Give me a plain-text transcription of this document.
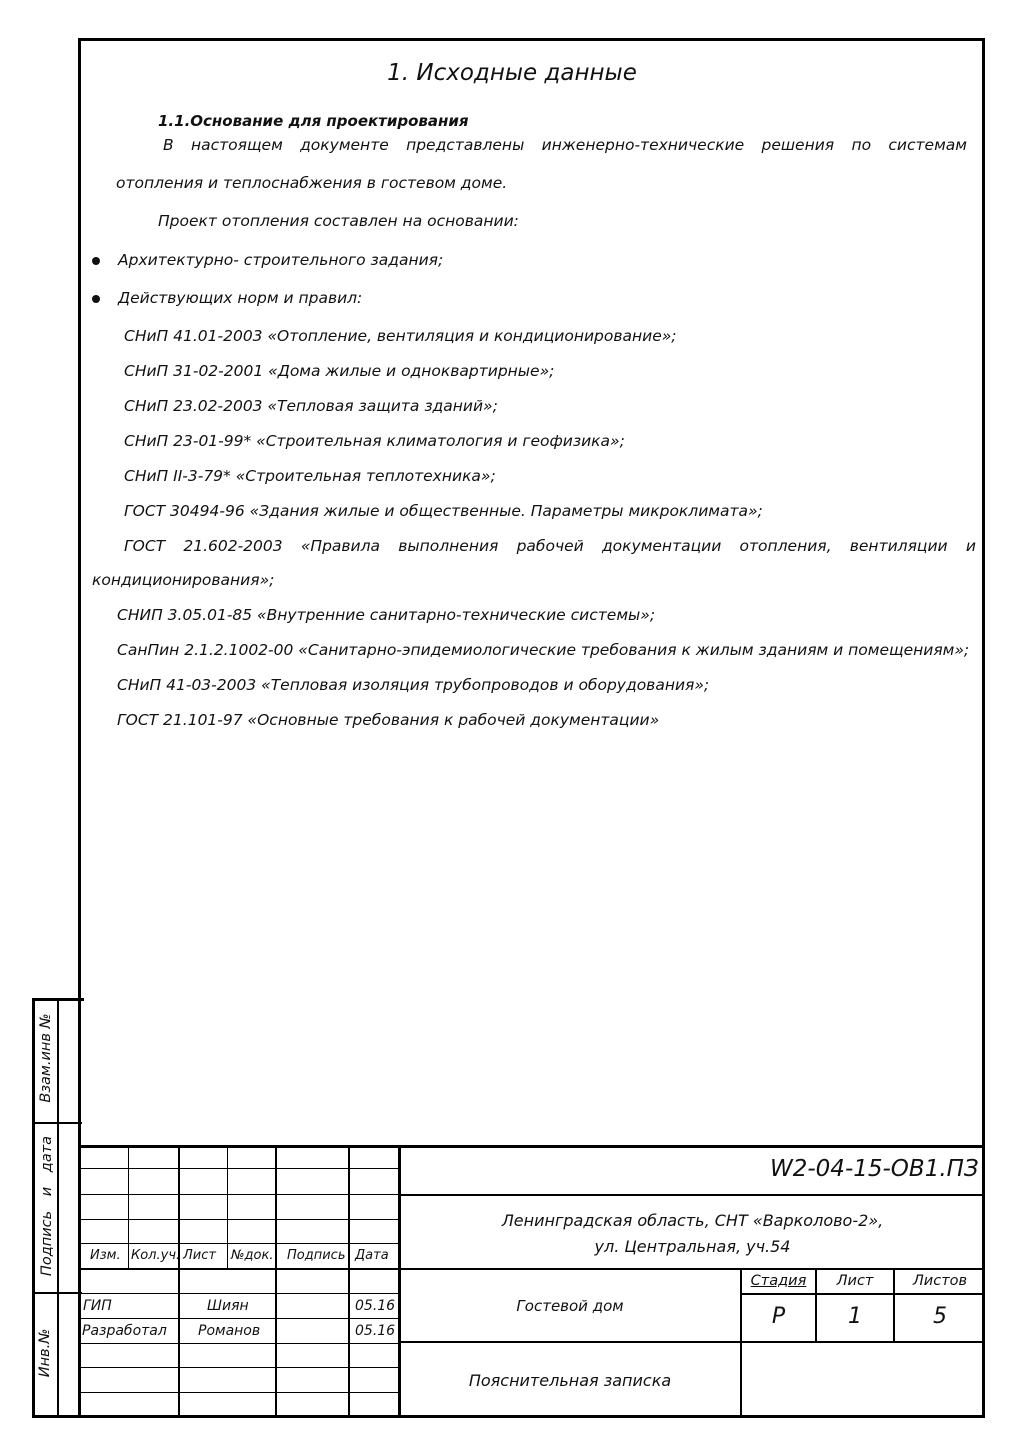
1. Исходные данные
1.1.Основание для проектирования
В настоящем документе представлены инженерно-технические решения по системам
отопления и теплоснабжения в гостевом доме.
Проект отопления составлен на основании:
Архитектурно- строительного задания;
Действующих норм и правил:
СНиП 41.01-2003 «Отопление, вентиляция и кондиционирование»;
СНиП 31-02-2001 «Дома жилые и одноквартирные»;
СНиП 23.02-2003 «Тепловая защита зданий»;
СНиП 23-01-99* «Строительная климатология и геофизика»;
СНиП II-3-79* «Строительная теплотехника»;
ГОСТ 30494-96 «Здания жилые и общественные. Параметры микроклимата»;
ГОСТ 21.602-2003 «Правила выполнения рабочей документации отопления, вентиляции и
кондиционирования»;
СНИП 3.05.01-85 «Внутренние санитарно-технические системы»;
СанПин 2.1.2.1002-00 «Санитарно-эпидемиологические требования к жилым зданиям и помещениям»;
СНиП 41-03-2003 «Тепловая изоляция трубопроводов и оборудования»;
ГОСТ 21.101-97 «Основные требования к рабочей документации»
Взам.инв №
Подпись и дата
Инв.№
Изм. Кол.уч. Лист №док. Подпись Дата
ГИП	Шиян	05.16
Разработал Романов	05.16
W2-04-15-ОВ1.ПЗ
Ленинградская область, СНТ «Варколово-2»,
ул. Центральная, уч.54
Гостевой дом
Пояснительная записка
Стадия	Лист	Листов
Р	1	5
